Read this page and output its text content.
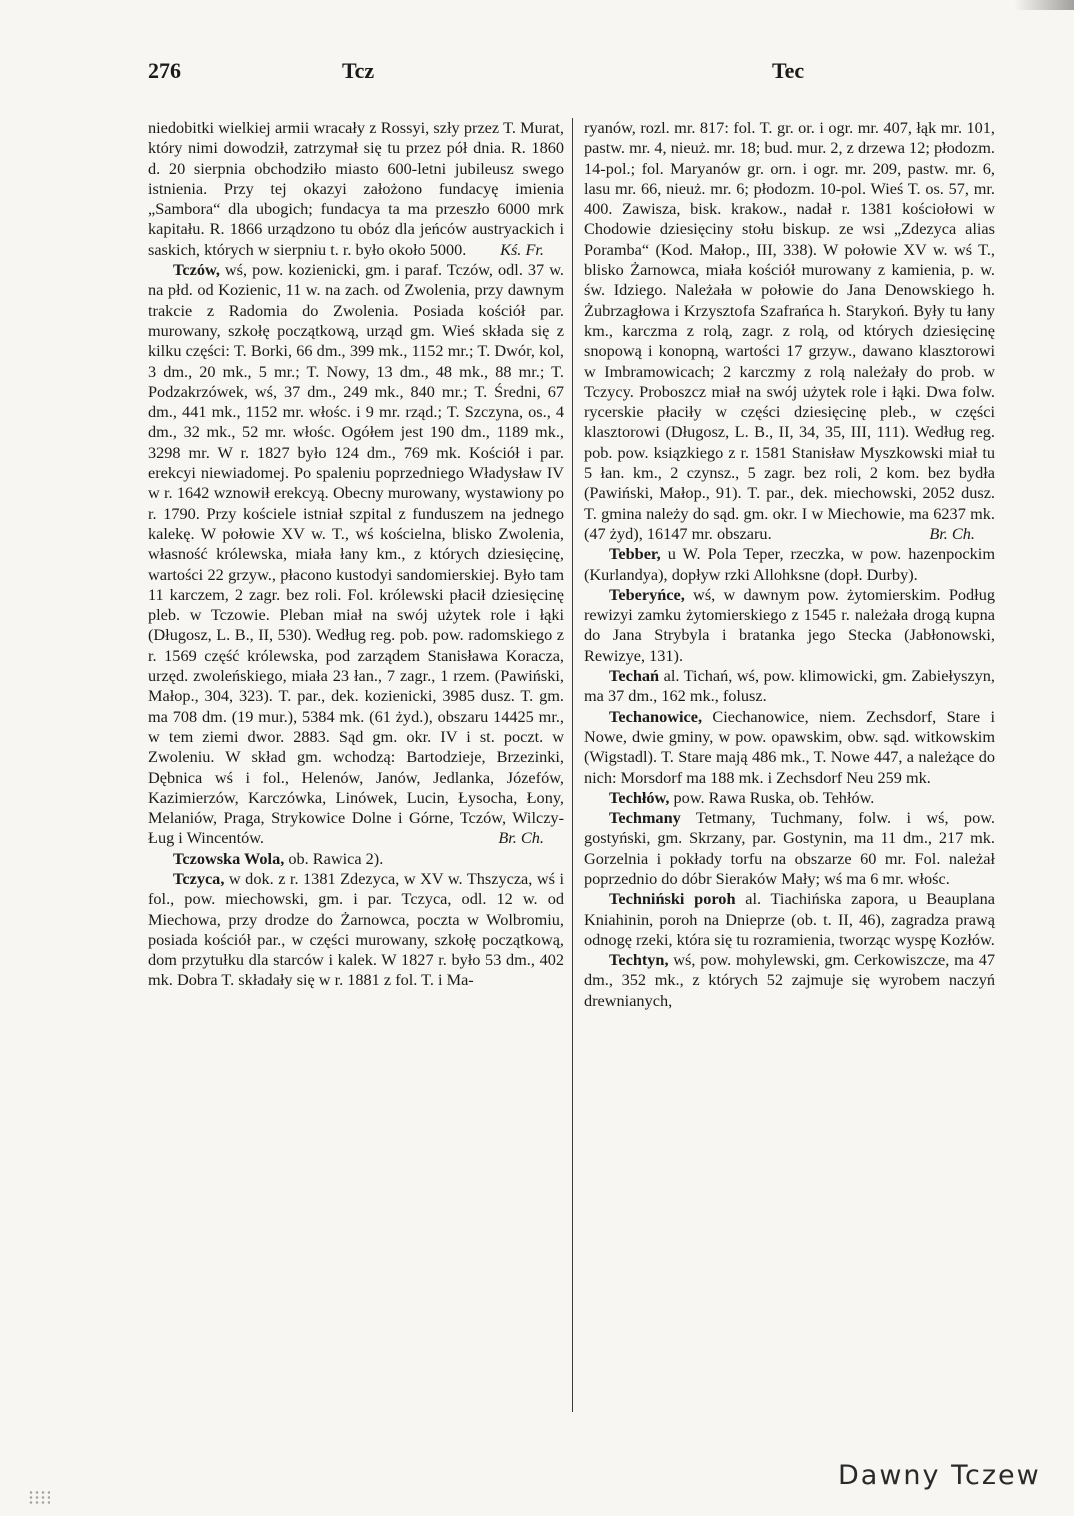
276	Tcz	Tec

niedobitki wielkiej armii wracały z Rossyi, szły przez T. Murat, który nimi dowodził, zatrzymał się tu przez pół dnia. R. 1860 d. 20 sierpnia obchodziło miasto 600-letni jubileusz swego istnienia. Przy tej okazyi założono fundacyę imienia „Sambora“ dla ubogich; fundacya ta ma przeszło 6000 mrk kapitału. R. 1866 urządzono tu obóz dla jeńców austryackich i saskich, których w sierpniu t. r. było około 5000. Kś. Fr.

Tczów, wś, pow. kozienicki, gm. i paraf. Tczów, odl. 37 w. na płd. od Kozienic, 11 w. na zach. od Zwolenia, przy dawnym trakcie z Radomia do Zwolenia. Posiada kościół par. murowany, szkołę początkową, urząd gm. Wieś składa się z kilku części: T. Borki, 66 dm., 399 mk., 1152 mr.; T. Dwór, kol, 3 dm., 20 mk., 5 mr.; T. Nowy, 13 dm., 48 mk., 88 mr.; T. Podzakrzówek, wś, 37 dm., 249 mk., 840 mr.; T. Średni, 67 dm., 441 mk., 1152 mr. włośc. i 9 mr. rząd.; T. Szczyna, os., 4 dm., 32 mk., 52 mr. włośc. Ogółem jest 190 dm., 1189 mk., 3298 mr. W r. 1827 było 124 dm., 769 mk. Kościół i par. erekcyi niewiadomej. Po spaleniu poprzedniego Władysław IV w r. 1642 wznowił erekcyą. Obecny murowany, wystawiony po r. 1790. Przy kościele istniał szpital z funduszem na jednego kalekę. W połowie XV w. T., wś kościelna, blisko Zwolenia, własność królewska, miała łany km., z których dziesięcinę, wartości 22 grzyw., płacono kustodyi sandomierskiej. Było tam 11 karczem, 2 zagr. bez roli. Fol. królewski płacił dziesięcinę pleb. w Tczowie. Pleban miał na swój użytek role i łąki (Długosz, L. B., II, 530). Według reg. pob. pow. radomskiego z r. 1569 część królewska, pod zarządem Stanisława Koracza, urzęd. zwoleńskiego, miała 23 łan., 7 zagr., 1 rzem. (Pawiński, Małop., 304, 323). T. par., dek. kozienicki, 3985 dusz. T. gm. ma 708 dm. (19 mur.), 5384 mk. (61 żyd.), obszaru 14425 mr., w tem ziemi dwor. 2883. Sąd gm. okr. IV i st. poczt. w Zwoleniu. W skład gm. wchodzą: Bartodzieje, Brzezinki, Dębnica wś i fol., Helenów, Janów, Jedlanka, Józefów, Kazimierzów, Karczówka, Linówek, Lucin, Łysocha, Łony, Melaniów, Praga, Strykowice Dolne i Górne, Tczów, Wilczy-Ług i Wincentów.	Br. Ch.

Tczowska Wola, ob. Rawica 2).

Tczyca, w dok. z r. 1381 Zdezyca, w XV w. Thszycza, wś i fol., pow. miechowski, gm. i par. Tczyca, odl. 12 w. od Miechowa, przy drodze do Żarnowca, poczta w Wolbromiu, posiada kościół par., w części murowany, szkołę początkową, dom przytułku dla starców i kalek. W 1827 r. było 53 dm., 402 mk. Dobra T. składały się w r. 1881 z fol. T. i Ma-

ryanów, rozl. mr. 817: fol. T. gr. or. i ogr. mr. 407, łąk mr. 101, pastw. mr. 4, nieuż. mr. 18; bud. mur. 2, z drzewa 12; płodozm. 14-pol.; fol. Maryanów gr. orn. i ogr. mr. 209, pastw. mr. 6, lasu mr. 66, nieuż. mr. 6; płodozm. 10-pol. Wieś T. os. 57, mr. 400. Zawisza, bisk. krakow., nadał r. 1381 kościołowi w Chodowie dziesięciny stołu biskup. ze wsi „Zdezyca alias Poramba“ (Kod. Małop., III, 338). W połowie XV w. wś T., blisko Żarnowca, miała kościół murowany z kamienia, p. w. św. Idziego. Należała w połowie do Jana Denowskiego h. Żubrzagłowa i Krzysztofa Szafrańca h. Starykoń. Były tu łany km., karczma z rolą, zagr. z rolą, od których dziesięcinę snopową i konopną, wartości 17 grzyw., dawano klasztorowi w Imbramowicach; 2 karczmy z rolą należały do prob. w Tczycy. Proboszcz miał na swój użytek role i łąki. Dwa folw. rycerskie płaciły w części dziesięcinę pleb., w części klasztorowi (Długosz, L. B., II, 34, 35, III, 111). Według reg. pob. pow. ksiązkiego z r. 1581 Stanisław Myszkowski miał tu 5 łan. km., 2 czynsz., 5 zagr. bez roli, 2 kom. bez bydła (Pawiński, Małop., 91). T. par., dek. miechowski, 2052 dusz. T. gmina należy do sąd. gm. okr. I w Miechowie, ma 6237 mk. (47 żyd), 16147 mr. obszaru.	Br. Ch.

Tebber, u W. Pola Teper, rzeczka, w pow. hazenpockim (Kurlandya), dopływ rzki Allohksne (dopł. Durby).

Teberyńce, wś, w dawnym pow. żytomierskim. Podług rewizyi zamku żytomierskiego z 1545 r. należała drogą kupna do Jana Strybyla i bratanka jego Stecka (Jabłonowski, Rewizye, 131).

Techań al. Tichań, wś, pow. klimowicki, gm. Zabiełyszyn, ma 37 dm., 162 mk., folusz.

Techanowice, Ciechanowice, niem. Zechsdorf, Stare i Nowe, dwie gminy, w pow. opawskim, obw. sąd. witkowskim (Wigstadl). T. Stare mają 486 mk., T. Nowe 447, a należące do nich: Morsdorf ma 188 mk. i Zechsdorf Neu 259 mk.

Techłów, pow. Rawa Ruska, ob. Tehłów.

Techmany Tetmany, Tuchmany, folw. i wś, pow. gostyński, gm. Skrzany, par. Gostynin, ma 11 dm., 217 mk. Gorzelnia i pokłady torfu na obszarze 60 mr. Fol. należał poprzednio do dóbr Sieraków Mały; wś ma 6 mr. włośc.

Techniński poroh al. Tiachińska zapora, u Beauplana Kniahinin, poroh na Dnieprze (ob. t. II, 46), zagradza prawą odnogę rzeki, która się tu rozramienia, tworząc wyspę Kozłów.

Techtyn, wś, pow. mohylewski, gm. Cerkowiszcze, ma 47 dm., 352 mk., z których 52 zajmuje się wyrobem naczyń drewnianych,

Dawny Tczew
